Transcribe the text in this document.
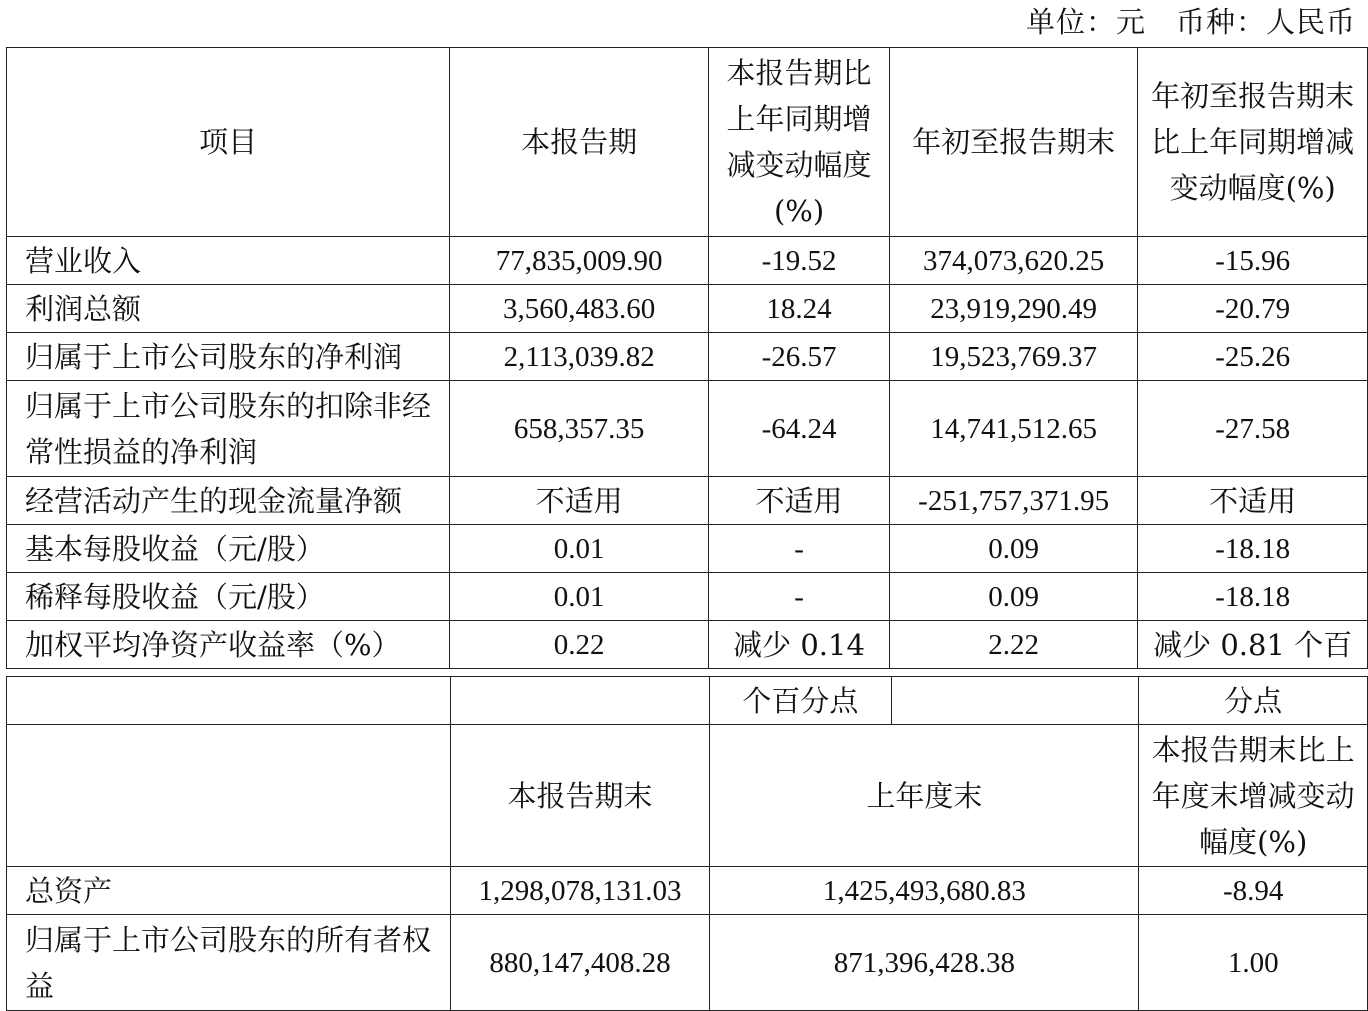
单位：元　币种：人民币
项目	本报告期	本报告期比上年同期增减变动幅度(%)	年初至报告期末	年初至报告期末比上年同期增减变动幅度(%)
营业收入	77,835,009.90	-19.52	374,073,620.25	-15.96
利润总额	3,560,483.60	18.24	23,919,290.49	-20.79
归属于上市公司股东的净利润	2,113,039.82	-26.57	19,523,769.37	-25.26
归属于上市公司股东的扣除非经常性损益的净利润	658,357.35	-64.24	14,741,512.65	-27.58
经营活动产生的现金流量净额	不适用	不适用	-251,757,371.95	不适用
基本每股收益（元/股）	0.01	-	0.09	-18.18
稀释每股收益（元/股）	0.01	-	0.09	-18.18
加权平均净资产收益率（%）	0.22	减少 0.14	2.22	减少 0.81 个百
		个百分点		分点
	本报告期末	上年度末		本报告期末比上年度末增减变动幅度(%)
总资产	1,298,078,131.03	1,425,493,680.83		-8.94
归属于上市公司股东的所有者权益	880,147,408.28	871,396,428.38		1.00
